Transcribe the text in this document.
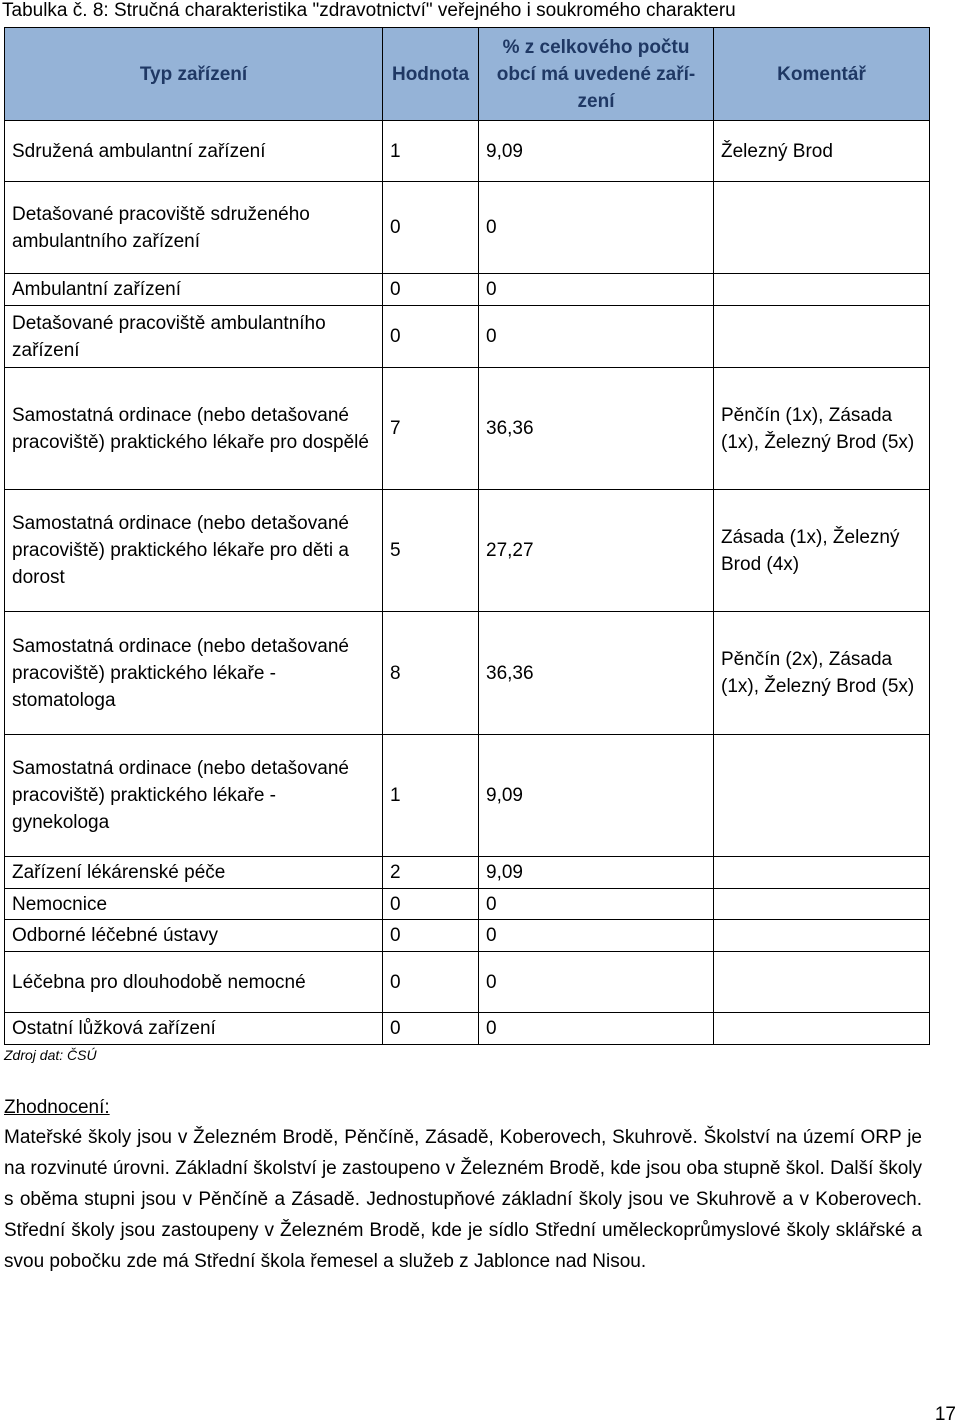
Tabulka č. 8: Stručná charakteristika "zdravotnictví" veřejného i soukromého charakteru
Typ zařízení	Hodnota	% z celkového počtu obcí má uvedené zaří-zení	Komentář
Sdružená ambulantní zařízení	1	9,09	Železný Brod
Detašované pracoviště sdruženého ambulantního zařízení	0	0	
Ambulantní zařízení	0	0	
Detašované pracoviště ambulantního zařízení	0	0	
Samostatná ordinace (nebo detašované pracoviště) praktického lékaře pro dospělé	7	36,36	Pěnčín (1x), Zásada (1x), Železný Brod (5x)
Samostatná ordinace (nebo detašované pracoviště) praktického lékaře pro děti a dorost	5	27,27	Zásada (1x), Železný Brod (4x)
Samostatná ordinace (nebo detašované pracoviště) praktického lékaře - stomatologa	8	36,36	Pěnčín (2x), Zásada (1x), Železný Brod (5x)
Samostatná ordinace (nebo detašované pracoviště) praktického lékaře - gynekologa	1	9,09	
Zařízení lékárenské péče	2	9,09	
Nemocnice	0	0	
Odborné léčebné ústavy	0	0	
Léčebna pro dlouhodobě nemocné	0	0	
Ostatní lůžková zařízení	0	0	
Zdroj dat: ČSÚ
Zhodnocení:

Mateřské školy jsou v Železném Brodě, Pěnčíně, Zásadě, Koberovech, Skuhrově. Školství na území ORP je na rozvinuté úrovni. Základní školství je zastoupeno v Železném Brodě, kde jsou oba stupně škol. Další školy s oběma stupni jsou v Pěnčíně a Zásadě. Jednostupňové základní školy jsou ve Skuhrově a v Koberovech. Střední školy jsou zastoupeny v Železném Brodě, kde je sídlo Střední uměleckoprůmyslové školy sklářské a svou pobočku zde má Střední škola řemesel a služeb z Jablonce nad Nisou.

17
